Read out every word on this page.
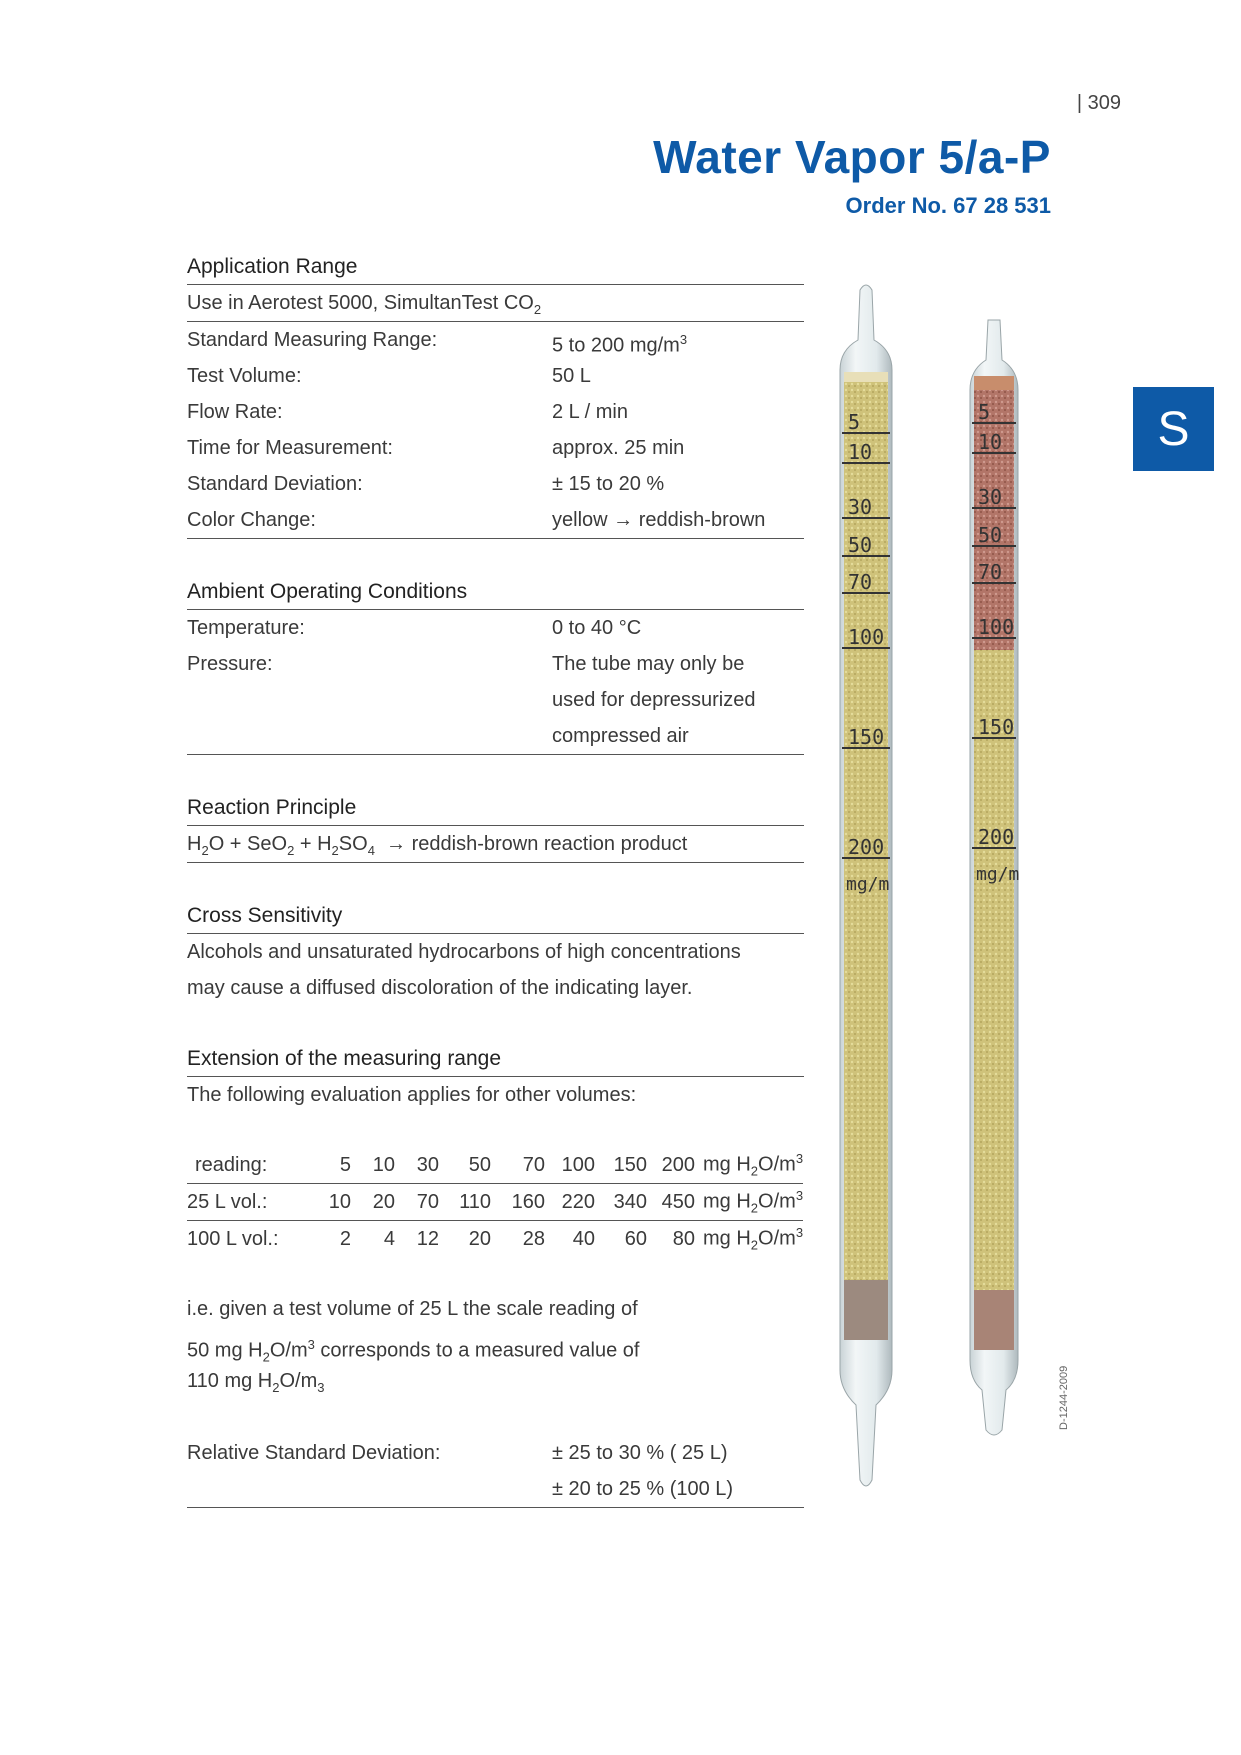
| 309
Water Vapor 5/a-P
Order No. 67 28 531
S
Application Range
Use in Aerotest 5000, SimultanTest $CO_2$
Standard Measuring Range:	5 to 200 $mg/m^3$
Test Volume:	50 L
Flow Rate:	2 L / min
Time for Measurement:	approx. 25 min
Standard Deviation:	± 15 to 20 %
Color Change:	yellow → reddish-brown
Ambient Operating Conditions
Temperature:	0 to 40 °C
Pressure:	The tube may only be
used for depressurized
compressed air
Reaction Principle
$H_2O + SeO_2 + H_2SO_4$ → reddish-brown reaction product
Cross Sensitivity
Alcohols and unsaturated hydrocarbons of high concentrations
may cause a diffused discoloration of the indicating layer.
Extension of the measuring range
The following evaluation applies for other volumes:
reading:	5	10	30	50	70	100	150	200	mg $H_2O/m^3$
25 L vol.:	10	20	70	110	160	220	340	450	mg $H_2O/m^3$
100 L vol.:	2	4	12	20	28	40	60	80	mg $H_2O/m^3$
i.e. given a test volume of 25 L the scale reading of
50 mg $H_2O/m^3$ corresponds to a measured value of
110 mg $H_2O/m_3$
Relative Standard Deviation:	± 25 to 30 % ( 25 L)
± 20 to 25 % (100 L)
5
10
30
50
70
100
150
200
mg/m
5
10
30
50
70
100
150
200
mg/m
D-1244-2009
